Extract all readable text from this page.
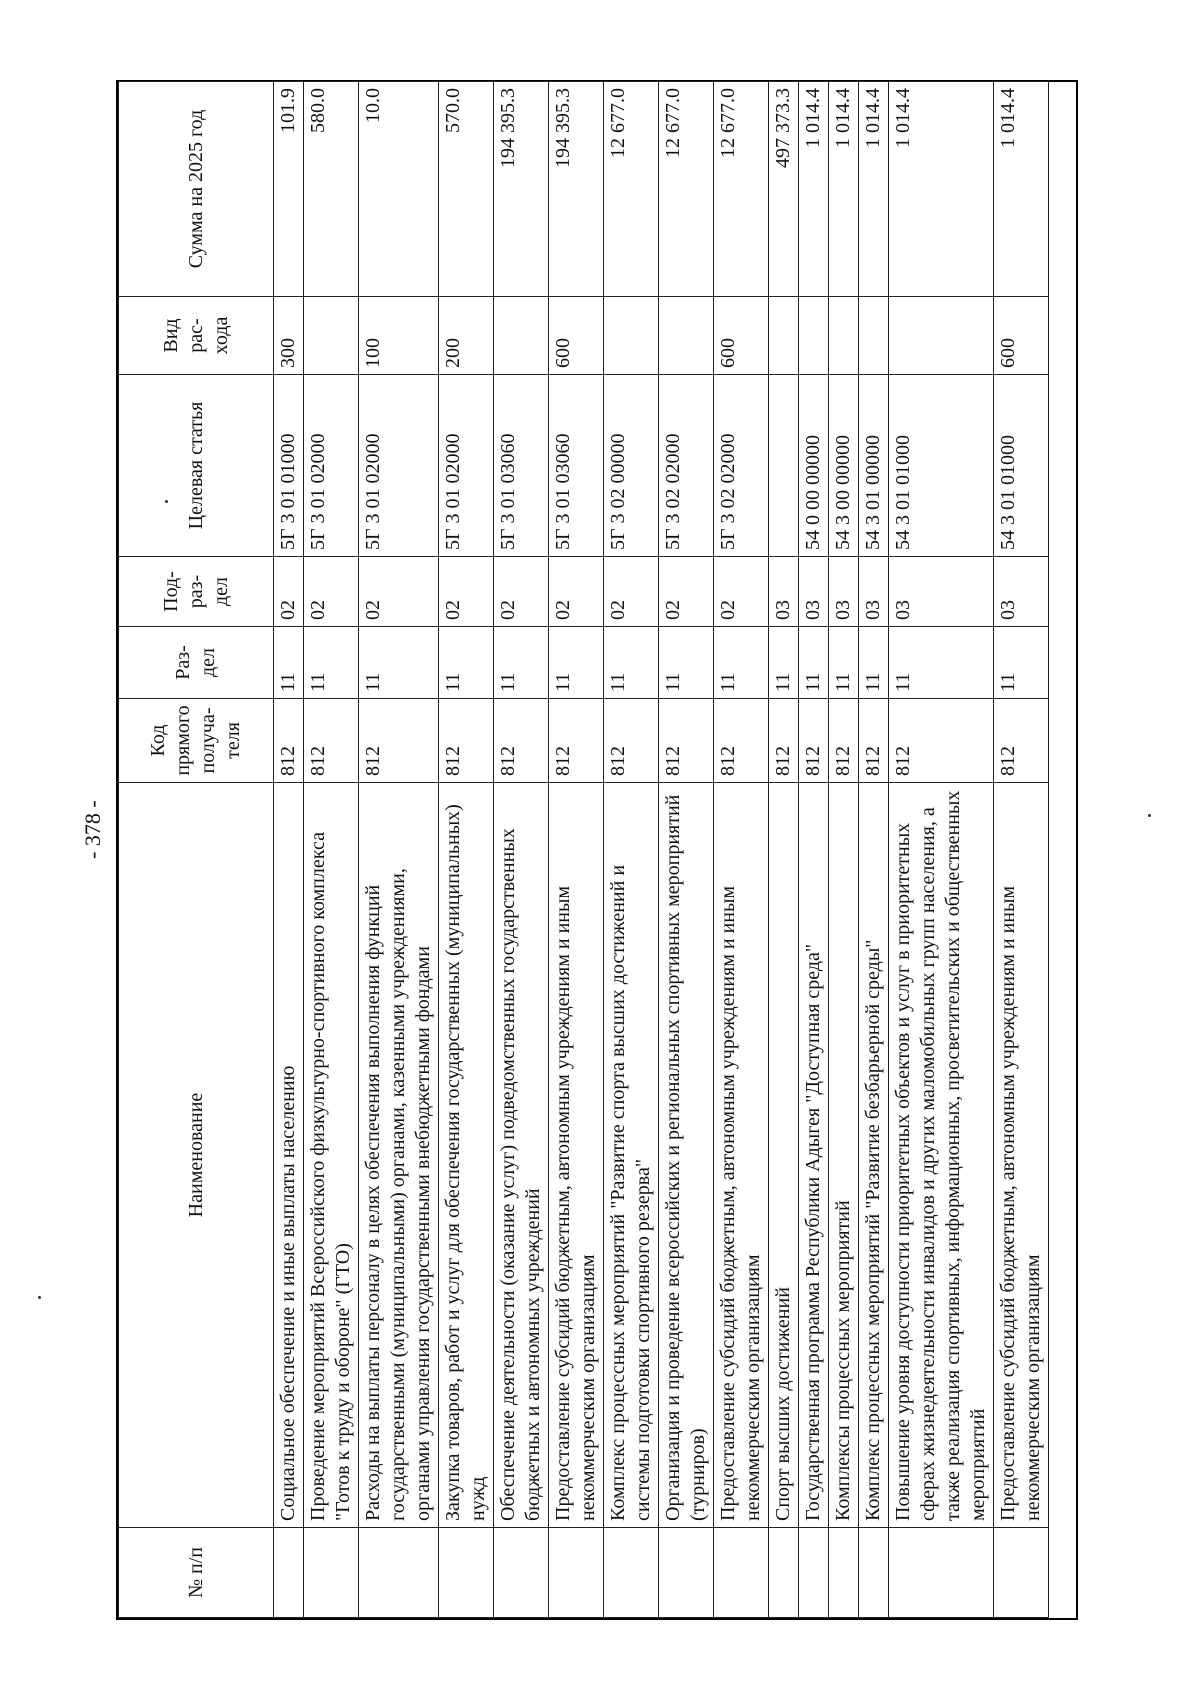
- 378 -
№ п/п	Наименование	Код прямого получа-теля	Раз-дел	Под-раз-дел	Целевая статья	Вид рас-хода	Сумма на 2025 год
	Социальное обеспечение и иные выплаты населению	812	11	02	5Г 3 01 01000	300	101.9
	Проведение мероприятий Всероссийского физкультурно-спортивного комплекса "Готов к труду и обороне" (ГТО)	812	11	02	5Г 3 01 02000		580.0
	Расходы на выплаты персоналу в целях обеспечения выполнения функций государственными (муниципальными) органами, казенными учреждениями, органами управления государственными внебюджетными фондами	812	11	02	5Г 3 01 02000	100	10.0
	Закупка товаров, работ и услуг для обеспечения государственных (муниципальных) нужд	812	11	02	5Г 3 01 02000	200	570.0
	Обеспечение деятельности (оказание услуг) подведомственных государственных бюджетных и автономных учреждений	812	11	02	5Г 3 01 03060		194 395.3
	Предоставление субсидий бюджетным, автономным учреждениям и иным некоммерческим организациям	812	11	02	5Г 3 01 03060	600	194 395.3
	Комплекс процессных мероприятий "Развитие спорта высших достижений и системы подготовки спортивного резерва"	812	11	02	5Г 3 02 00000		12 677.0
	Организация и проведение всероссийских и региональных спортивных мероприятий (турниров)	812	11	02	5Г 3 02 02000		12 677.0
	Предоставление субсидий бюджетным, автономным учреждениям и иным некоммерческим организациям	812	11	02	5Г 3 02 02000	600	12 677.0
	Спорт высших достижений	812	11	03			497 373.3
	Государственная программа Республики Адыгея "Доступная среда"	812	11	03	54 0 00 00000		1 014.4
	Комплексы процессных мероприятий	812	11	03	54 3 00 00000		1 014.4
	Комплекс процессных мероприятий "Развитие безбарьерной среды"	812	11	03	54 3 01 00000		1 014.4
	Повышение уровня доступности приоритетных объектов и услуг в приоритетных сферах жизнедеятельности инвалидов и других маломобильных групп населения, а также реализация спортивных, информационных, просветительских и общественных мероприятий	812	11	03	54 3 01 01000		1 014.4
	Предоставление субсидий бюджетным, автономным учреждениям и иным некоммерческим организациям	812	11	03	54 3 01 01000	600	1 014.4
